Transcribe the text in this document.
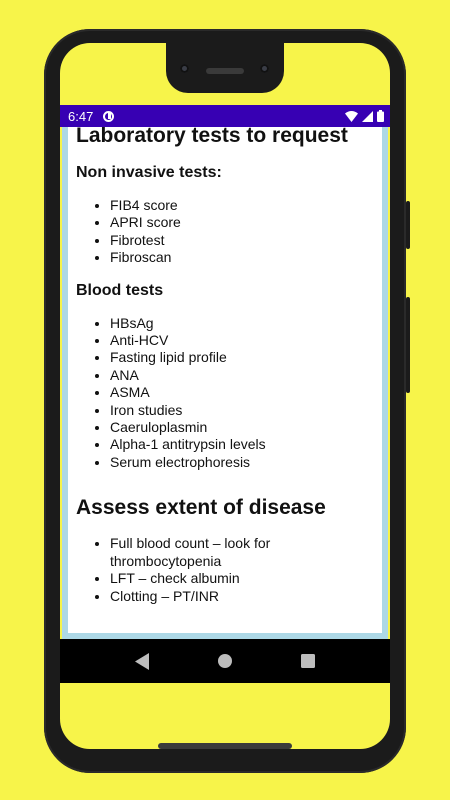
6:47
Laboratory tests to request
Non invasive tests:
• FIB4 score
• APRI score
• Fibrotest
• Fibroscan
Blood tests
• HBsAg
• Anti-HCV
• Fasting lipid profile
• ANA
• ASMA
• Iron studies
• Caeruloplasmin
• Alpha-1 antitrypsin levels
• Serum electrophoresis
Assess extent of disease
• Full blood count – look for thrombocytopenia
• LFT – check albumin
• Clotting – PT/INR
